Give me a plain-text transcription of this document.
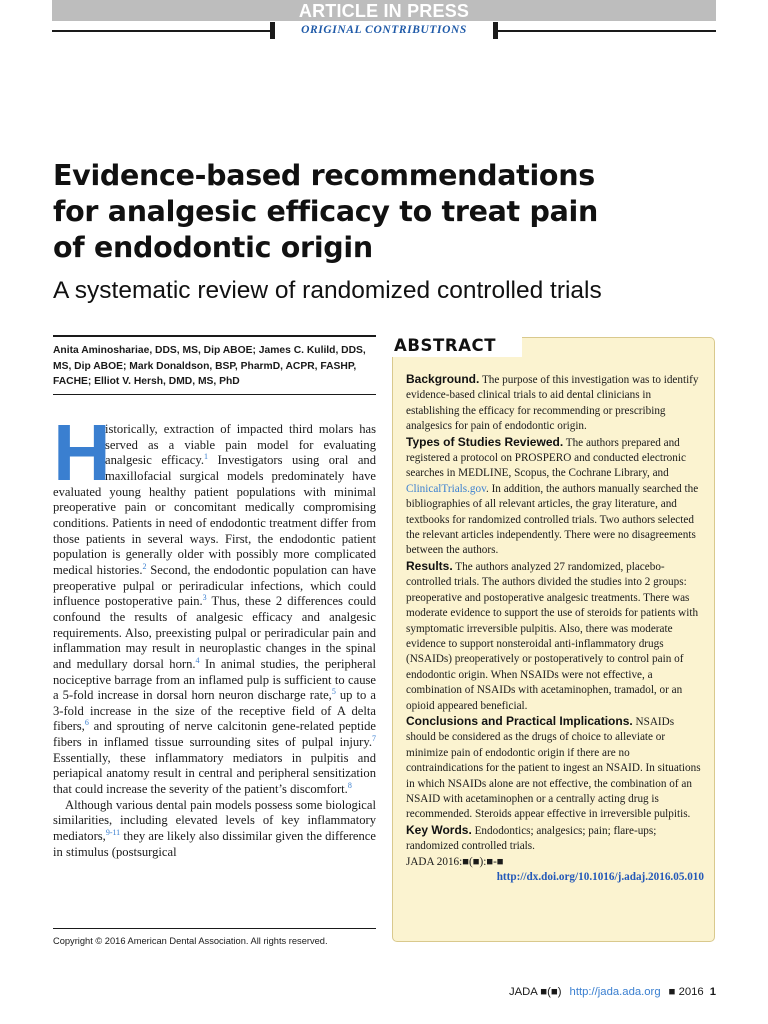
ARTICLE IN PRESS
ORIGINAL CONTRIBUTIONS
Evidence-based recommendations
for analgesic efficacy to treat pain
of endodontic origin
A systematic review of randomized controlled trials
Anita Aminoshariae, DDS, MS, Dip ABOE; James C. Kulild, DDS, MS, Dip ABOE; Mark Donaldson, BSP, PharmD, ACPR, FASHP, FACHE; Elliot V. Hersh, DMD, MS, PhD
H

istorically, extraction of impacted third molars has served as a viable pain model for evaluating analgesic efficacy.$^1$ Investigators using oral and maxillofacial surgical models predominately have evaluated young healthy patient populations with minimal preoperative pain or concomitant medically compromising conditions. Patients in need of endodontic treatment differ from those patients in several ways. First, the endodontic patient population is generally older with possibly more complicated medical histories.$^2$ Second, the endodontic population can have preoperative pulpal or periradicular infections, which could influence postoperative pain.$^3$ Thus, these 2 differences could confound the results of analgesic efficacy and analgesic requirements. Also, preexisting pulpal or periradicular pain and inflammation may result in neuroplastic changes in the spinal and medullary dorsal horn.$^4$ In animal studies, the peripheral nociceptive barrage from an inflamed pulp is sufficient to cause a 5-fold increase in dorsal horn neuron discharge rate,$^5$ up to a 3-fold increase in the size of the receptive field of A delta fibers,$^6$ and sprouting of nerve calcitonin gene-related peptide fibers in inflamed tissue surrounding sites of pulpal injury.$^7$ Essentially, these inflammatory mediators in pulpitis and periapical anatomy result in central and peripheral sensitization that could increase the severity of the patient’s discomfort.$^8$

Although various dental pain models possess some biological similarities, including elevated levels of key inflammatory mediators,$^{9-11}$ they are likely also dissimilar given the difference in stimulus (postsurgical

Copyright © 2016 American Dental Association. All rights reserved.
ABSTRACT

Background. The purpose of this investigation was to identify evidence-based clinical trials to aid dental clinicians in establishing the efficacy for recommending or prescribing analgesics for pain of endodontic origin.

Types of Studies Reviewed. The authors prepared and registered a protocol on PROSPERO and conducted electronic searches in MEDLINE, Scopus, the Cochrane Library, and ClinicalTrials.gov. In addition, the authors manually searched the bibliographies of all relevant articles, the gray literature, and textbooks for randomized controlled trials. Two authors selected the relevant articles independently. There were no disagreements between the authors.

Results. The authors analyzed 27 randomized, placebo-controlled trials. The authors divided the studies into 2 groups: preoperative and postoperative analgesic treatments. There was moderate evidence to support the use of steroids for patients with symptomatic irreversible pulpitis. Also, there was moderate evidence to support nonsteroidal anti-inflammatory drugs (NSAIDs) preoperatively or postoperatively to control pain of endodontic origin. When NSAIDs were not effective, a combination of NSAIDs with acetaminophen, tramadol, or an opioid appeared beneficial.

Conclusions and Practical Implications. NSAIDs should be considered as the drugs of choice to alleviate or minimize pain of endodontic origin if there are no contraindications for the patient to ingest an NSAID. In situations in which NSAIDs alone are not effective, the combination of an NSAID with acetaminophen or a centrally acting drug is recommended. Steroids appear effective in irreversible pulpitis.

Key Words. Endodontics; analgesics; pain; flare-ups; randomized controlled trials.

JADA 2016:■(■):■-■

http://dx.doi.org/10.1016/j.adaj.2016.05.010
JADA ■(■) http://jada.ada.org ■ 2016 1
